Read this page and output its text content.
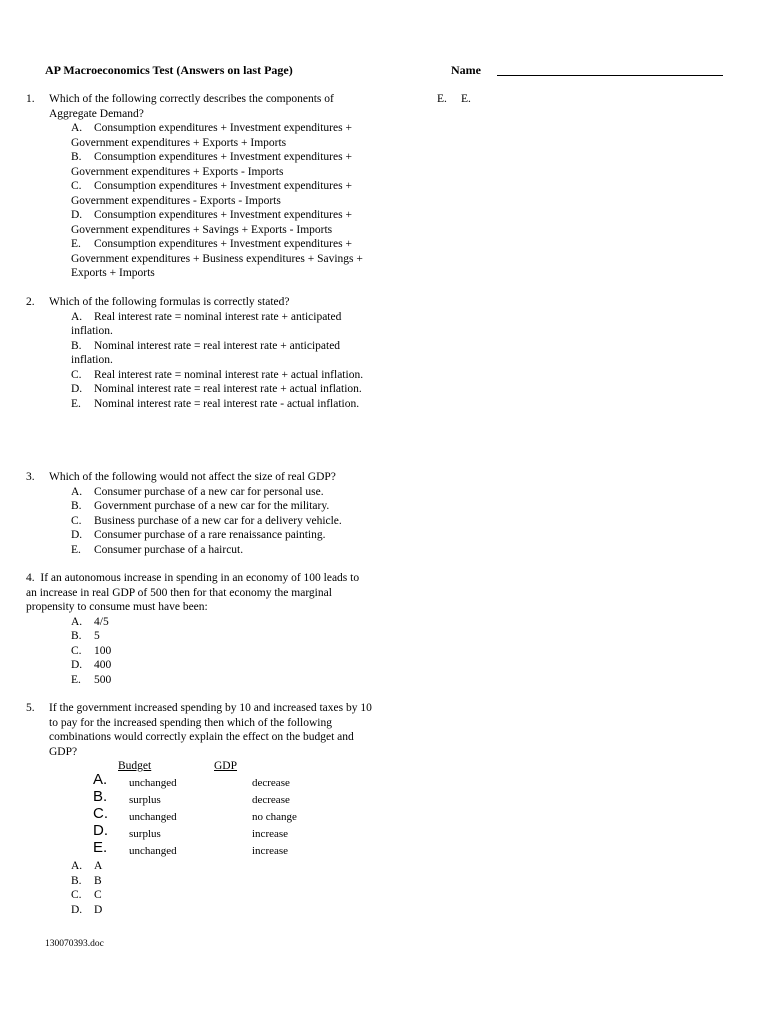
AP Macroeconomics Test (Answers on last Page)	Name
E. E.
1. Which of the following correctly describes the components of Aggregate Demand?
A. Consumption expenditures + Investment expenditures + Government expenditures + Exports + Imports
B. Consumption expenditures + Investment expenditures + Government expenditures + Exports - Imports
C. Consumption expenditures + Investment expenditures + Government expenditures - Exports - Imports
D. Consumption expenditures + Investment expenditures + Government expenditures + Savings + Exports - Imports
E. Consumption expenditures + Investment expenditures + Government expenditures + Business expenditures + Savings + Exports + Imports
2. Which of the following formulas is correctly stated?
A. Real interest rate = nominal interest rate + anticipated inflation.
B. Nominal interest rate = real interest rate + anticipated inflation.
C. Real interest rate = nominal interest rate + actual inflation.
D. Nominal interest rate = real interest rate + actual inflation.
E. Nominal interest rate = real interest rate - actual inflation.
3. Which of the following would not affect the size of real GDP?
A. Consumer purchase of a new car for personal use.
B. Government purchase of a new car for the military.
C. Business purchase of a new car for a delivery vehicle.
D. Consumer purchase of a rare renaissance painting.
E. Consumer purchase of a haircut.
4. If an autonomous increase in spending in an economy of 100 leads to an increase in real GDP of 500 then for that economy the marginal propensity to consume must have been:
A. 4/5
B. 5
C. 100
D. 400
E. 500
5. If the government increased spending by 10 and increased taxes by 10 to pay for the increased spending then which of the following combinations would correctly explain the effect on the budget and GDP?
Budget	GDP
A. unchanged	decrease
B. surplus	decrease
C. unchanged	no change
D. surplus	increase
E. unchanged	increase
A. A
B. B
C. C
D. D
130070393.doc
